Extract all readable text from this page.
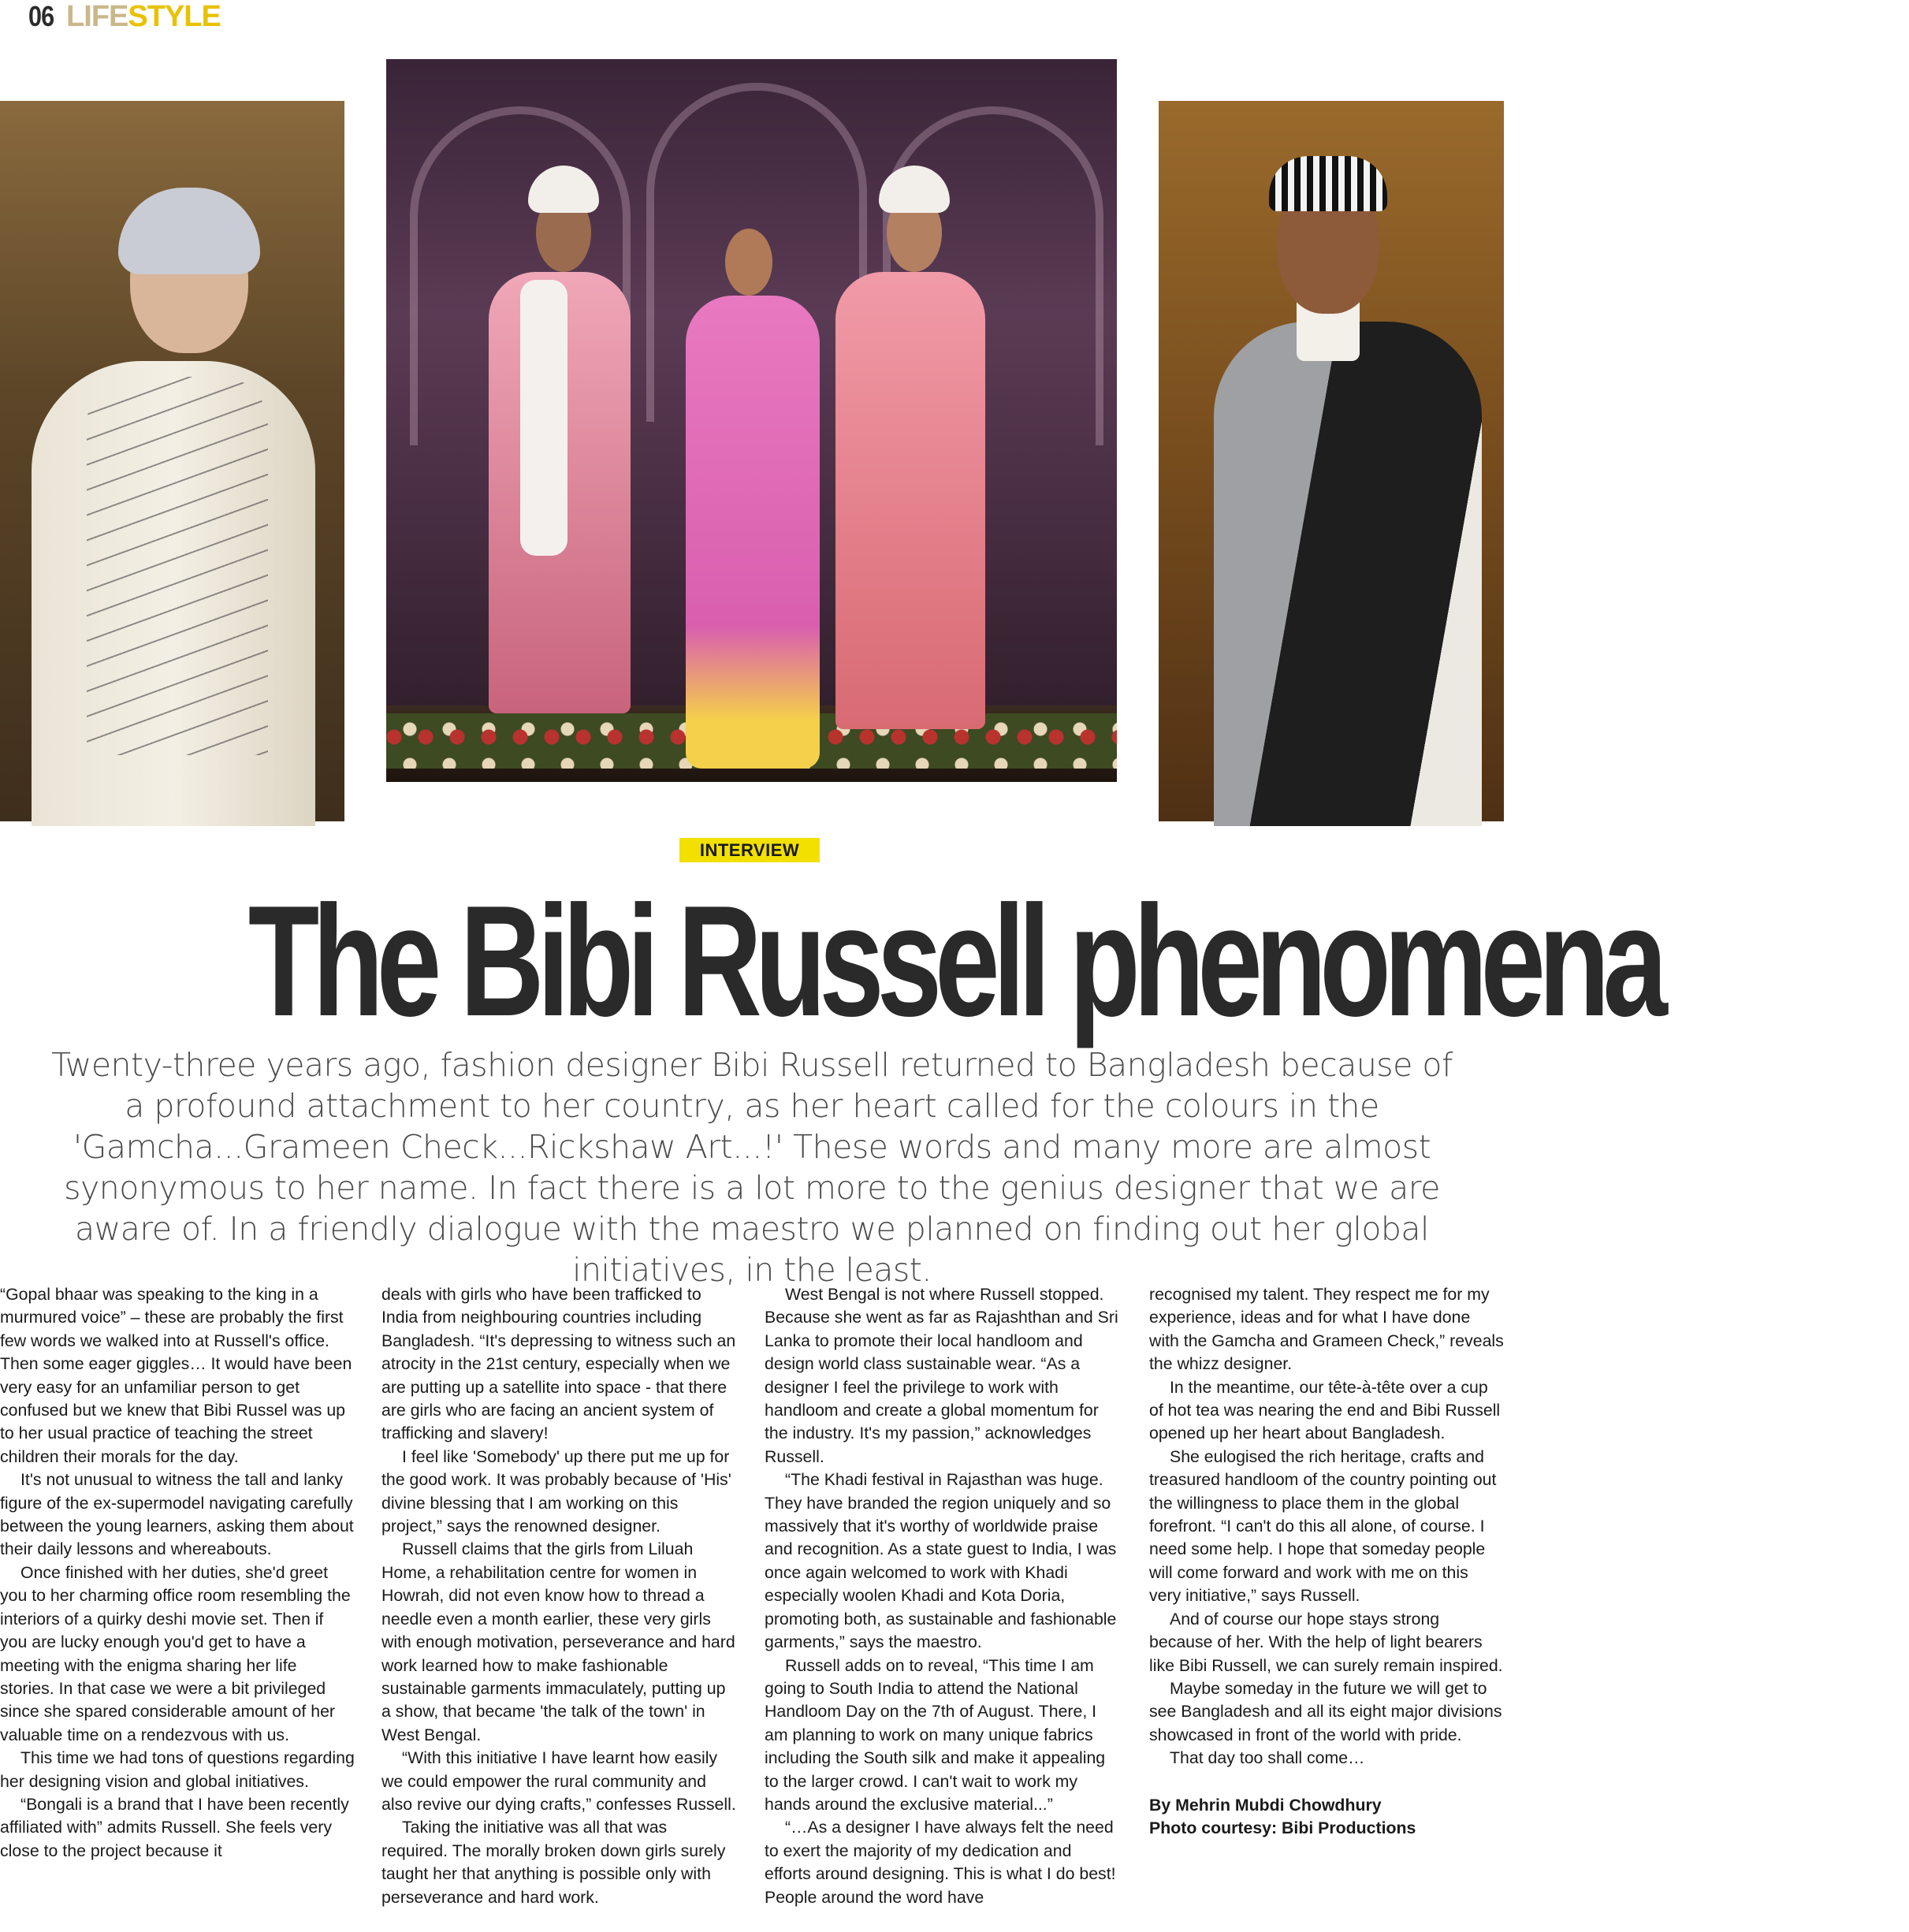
06 LIFESTYLE
INTERVIEW
The Bibi Russell phenomena
Twenty-three years ago, fashion designer Bibi Russell returned to Bangladesh because of a profound attachment to her country, as her heart called for the colours in the 'Gamcha...Grameen Check...Rickshaw Art...!' These words and many more are almost synonymous to her name. In fact there is a lot more to the genius designer that we are aware of. In a friendly dialogue with the maestro we planned on finding out her global initiatives, in the least.

“Gopal bhaar was speaking to the king in a murmured voice” – these are probably the first few words we walked into at Russell's office. Then some eager giggles… It would have been very easy for an unfamiliar person to get confused but we knew that Bibi Russel was up to her usual practice of teaching the street children their morals for the day.

It's not unusual to witness the tall and lanky figure of the ex-supermodel navigating carefully between the young learners, asking them about their daily lessons and whereabouts.

Once finished with her duties, she'd greet you to her charming office room resembling the interiors of a quirky deshi movie set. Then if you are lucky enough you'd get to have a meeting with the enigma sharing her life stories. In that case we were a bit privileged since she spared considerable amount of her valuable time on a rendezvous with us.

This time we had tons of questions regarding her designing vision and global initiatives.

“Bongali is a brand that I have been recently affiliated with” admits Russell. She feels very close to the project because it

deals with girls who have been trafficked to India from neighbouring countries including Bangladesh. “It's depressing to witness such an atrocity in the 21st century, especially when we are putting up a satellite into space - that there are girls who are facing an ancient system of trafficking and slavery!

I feel like 'Somebody' up there put me up for the good work. It was probably because of 'His' divine blessing that I am working on this project,” says the renowned designer.

Russell claims that the girls from Liluah Home, a rehabilitation centre for women in Howrah, did not even know how to thread a needle even a month earlier, these very girls with enough motivation, perseverance and hard work learned how to make fashionable sustainable garments immaculately, putting up a show, that became 'the talk of the town' in West Bengal.

“With this initiative I have learnt how easily we could empower the rural community and also revive our dying crafts,” confesses Russell.

Taking the initiative was all that was required. The morally broken down girls surely taught her that anything is possible only with perseverance and hard work.

West Bengal is not where Russell stopped. Because she went as far as Rajashthan and Sri Lanka to promote their local handloom and design world class sustainable wear. “As a designer I feel the privilege to work with handloom and create a global momentum for the industry. It's my passion,” acknowledges Russell.

“The Khadi festival in Rajasthan was huge. They have branded the region uniquely and so massively that it's worthy of worldwide praise and recognition. As a state guest to India, I was once again welcomed to work with Khadi especially woolen Khadi and Kota Doria, promoting both, as sustainable and fashionable garments,” says the maestro.

Russell adds on to reveal, “This time I am going to South India to attend the National Handloom Day on the 7th of August. There, I am planning to work on many unique fabrics including the South silk and make it appealing to the larger crowd. I can't wait to work my hands around the exclusive material...”

“…As a designer I have always felt the need to exert the majority of my dedication and efforts around designing. This is what I do best! People around the word have

recognised my talent. They respect me for my experience, ideas and for what I have done with the Gamcha and Grameen Check,” reveals the whizz designer.

In the meantime, our tête-à-tête over a cup of hot tea was nearing the end and Bibi Russell opened up her heart about Bangladesh.

She eulogised the rich heritage, crafts and treasured handloom of the country pointing out the willingness to place them in the global forefront. “I can't do this all alone, of course. I need some help. I hope that someday people will come forward and work with me on this very initiative,” says Russell.

And of course our hope stays strong because of her. With the help of light bearers like Bibi Russell, we can surely remain inspired.

Maybe someday in the future we will get to see Bangladesh and all its eight major divisions showcased in front of the world with pride.

That day too shall come…

By Mehrin Mubdi Chowdhury
Photo courtesy: Bibi Productions
